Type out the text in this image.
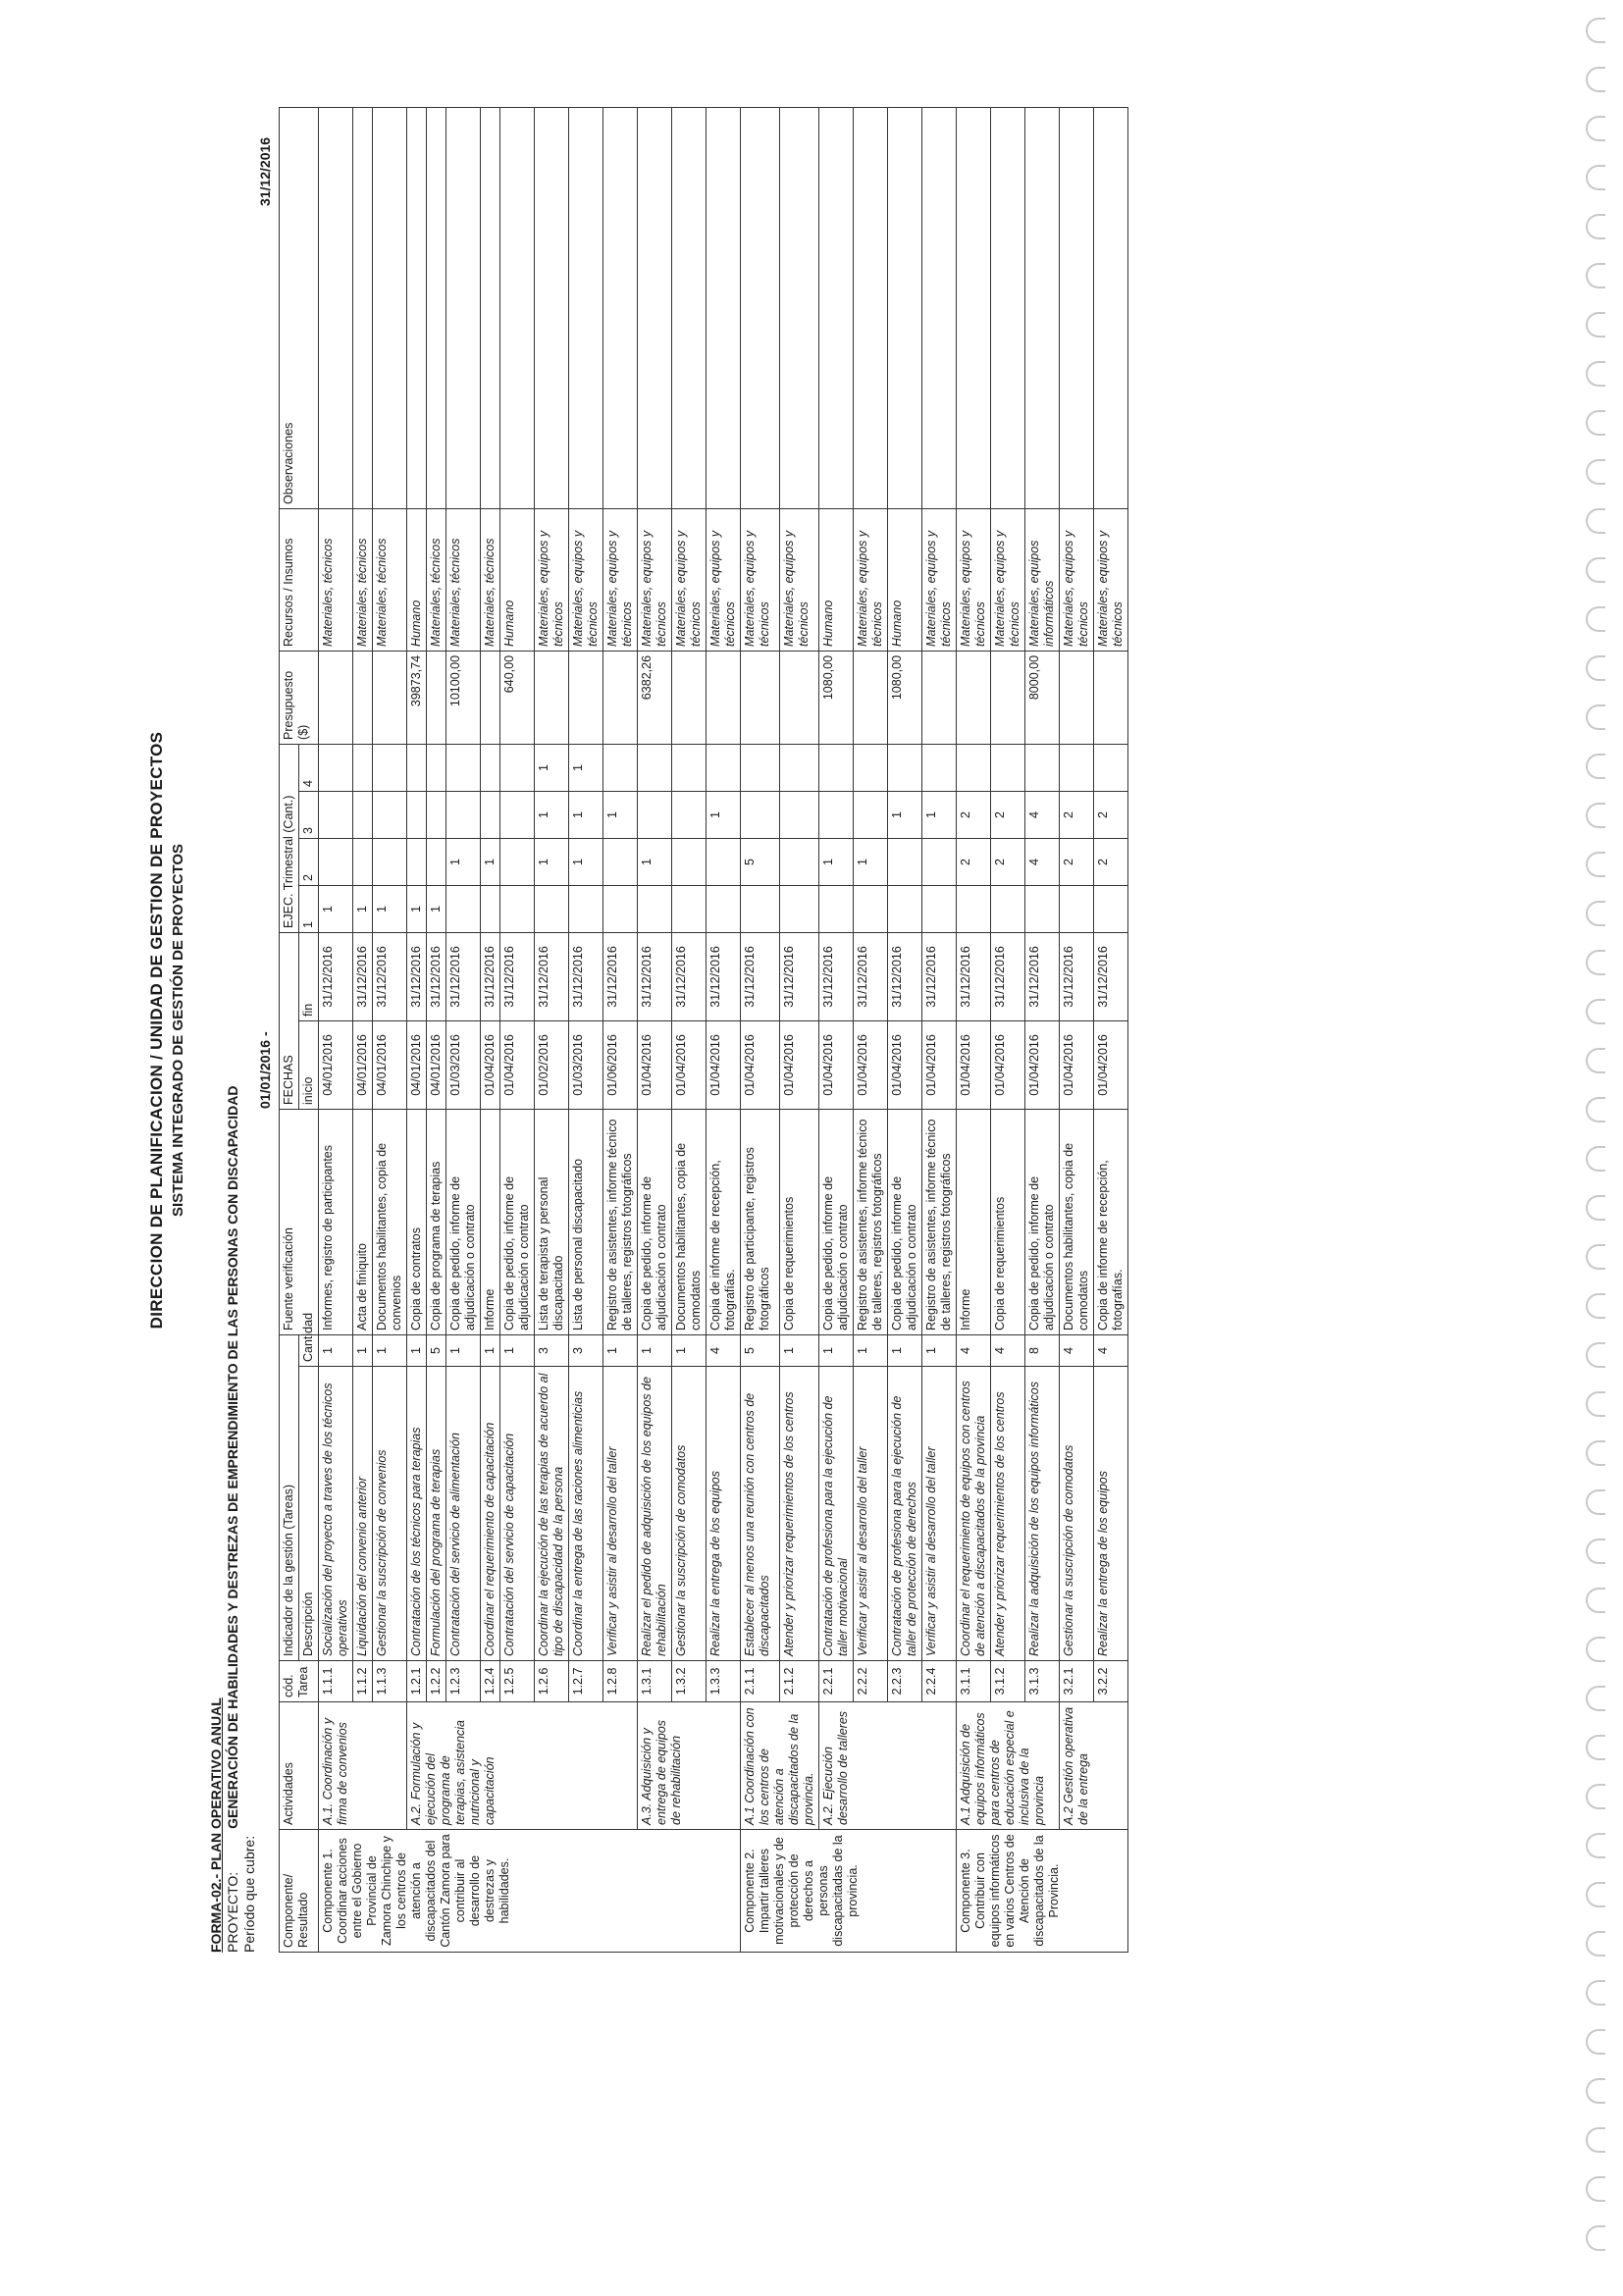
DIRECCION DE PLANIFICACION / UNIDAD DE GESTION DE PROYECTOS SISTEMA INTEGRADO DE GESTIÓN DE PROYECTOS
FORMA-02.- PLAN OPERATIVO ANUAL PROYECTO: GENERACIÓN DE HABILIDADES Y DESTREZAS DE EMPRENDIMIENTO DE LAS PERSONAS CON DISCAPACIDAD
Período que cubre:
01/01/2016 -
31/12/2016
Componente/ Resultado	Actividades	cód. Tarea	Indicador de la gestión (Tareas)		Fuente verificación	FECHAS		EJEC. Trimestral (Cant.)				Presupuesto ($)	Recursos / Insumos	Observaciones
			Descripción	Cantidad		inicio	fin	1	2	3	4			
Componente 1. Coordinar acciones entre el Gobierno Provincial de Zamora Chinchipe y los centros de atención a discapacitados del Cantón Zamora para contribuir al desarrollo de destrezas y habilidades.	A.1. Coordinación y firma de convenios	1.1.1	Socialización del proyecto a traves de los técnicos operativos	1	Informes, registro de participantes	04/01/2016	31/12/2016	1					Materiales, técnicos	
		1.1.2	Liquidación del convenio anterior	1	Acta de finiquito	04/01/2016	31/12/2016	1					Materiales, técnicos	
		1.1.3	Gestionar la suscripción de convenios	1	Documentos habilitantes, copia de convenios	04/01/2016	31/12/2016	1					Materiales, técnicos	
	A.2. Formulación y ejecución del programa de terapias, asistencia nutricional y capacitación	1.2.1	Contratación de los técnicos para terapias	1	Copia de contratos	04/01/2016	31/12/2016	1				39873,74	Humano	
		1.2.2	Formulación del programa de terapias	5	Copia de programa de terapias	04/01/2016	31/12/2016	1					Materiales, técnicos	
		1.2.3	Contratación del servicio de alimentación	1	Copia de pedido, informe de adjudicación o contrato	01/03/2016	31/12/2016		1			10100,00	Materiales, técnicos	
		1.2.4	Coordinar el requerimiento de capacitación	1	Informe	01/04/2016	31/12/2016		1				Materiales, técnicos	
		1.2.5	Contratación del servicio de capacitación	1	Copia de pedido, informe de adjudicación o contrato	01/04/2016	31/12/2016					640,00	Humano	
		1.2.6	Coordinar la ejecución de las terapias de acuerdo al tipo de discapacidad de la persona	3	Lista de terapista y personal discapacitado	01/02/2016	31/12/2016		1	1	1		Materiales, equipos y técnicos	
		1.2.7	Coordinar la entrega de las raciones alimenticias	3	Lista de personal discapacitado	01/03/2016	31/12/2016		1	1	1		Materiales, equipos y técnicos	
		1.2.8	Verificar y asistir al desarrollo del taller	1	Registro de asistentes, informe técnico de talleres, registros fotográficos	01/06/2016	31/12/2016			1			Materiales, equipos y técnicos	
	A.3. Adquisición y entrega de equipos de rehabilitación	1.3.1	Realizar el pedido de adquisición de los equipos de rehabilitación	1	Copia de pedido, informe de adjudicación o contrato	01/04/2016	31/12/2016		1			6382,26	Materiales, equipos y técnicos	
		1.3.2	Gestionar la suscripción de comodatos	1	Documentos habilitantes, copia de comodatos	01/04/2016	31/12/2016						Materiales, equipos y técnicos	
		1.3.3	Realizar la entrega de los equipos	4	Copia de informe de recepción, fotografías.	01/04/2016	31/12/2016			1			Materiales, equipos y técnicos	
Componente 2. Impartir talleres motivacionales y de protección de derechos a personas discapacitadas de la provincia.	A.1 Coordinación con los centros de atención a discapacitados de la provincia.	2.1.1	Establecer al menos una reunión con centros de discapacitados	5	Registro de participante, registros fotográficos	01/04/2016	31/12/2016		5				Materiales, equipos y técnicos	
		2.1.2	Atender y priorizar requerimientos de los centros	1	Copia de requerimientos	01/04/2016	31/12/2016						Materiales, equipos y técnicos	
	A.2. Ejecución desarrollo de talleres	2.2.1	Contratación de profesiona para la ejecución de taller motivacional	1	Copia de pedido, informe de adjudicación o contrato	01/04/2016	31/12/2016		1			1080,00	Humano	
		2.2.2	Verificar y asistir al desarrollo del taller	1	Registro de asistentes, informe técnico de talleres, registros fotográficos	01/04/2016	31/12/2016		1				Materiales, equipos y técnicos	
		2.2.3	Contratación de profesiona para la ejecución de taller de protección de derechos	1	Copia de pedido, informe de adjudicación o contrato	01/04/2016	31/12/2016			1		1080,00	Humano	
		2.2.4	Verificar y asistir al desarrollo del taller	1	Registro de asistentes, informe técnico de talleres, registros fotográficos	01/04/2016	31/12/2016			1			Materiales, equipos y técnicos	
Componente 3. Contribuir con equipos informáticos en varios Centros de Atención de discapacitados de la Provincia.	A.1 Adquisición de equipos informáticos para centros de educación especial e inclusiva de la provincia	3.1.1	Coordinar el requerimiento de equipos con centros de atención a discapacitados de la provincia	4	Informe	01/04/2016	31/12/2016		2	2			Materiales, equipos y técnicos	
		3.1.2	Atender y priorizar requerimientos de los centros	4	Copia de requerimientos	01/04/2016	31/12/2016		2	2			Materiales, equipos y técnicos	
		3.1.3	Realizar la adquisición de los equipos informáticos	8	Copia de pedido, informe de adjudicación o contrato	01/04/2016	31/12/2016		4	4		8000,00	Materiales, equipos informáticos	
	A.2 Gestión operativa de la entrega	3.2.1	Gestionar la suscripción de comodatos	4	Documentos habilitantes, copia de comodatos	01/04/2016	31/12/2016		2	2			Materiales, equipos y técnicos	
		3.2.2	Realizar la entrega de los equipos	4	Copia de informe de recepción, fotografías.	01/04/2016	31/12/2016		2	2			Materiales, equipos y técnicos	
